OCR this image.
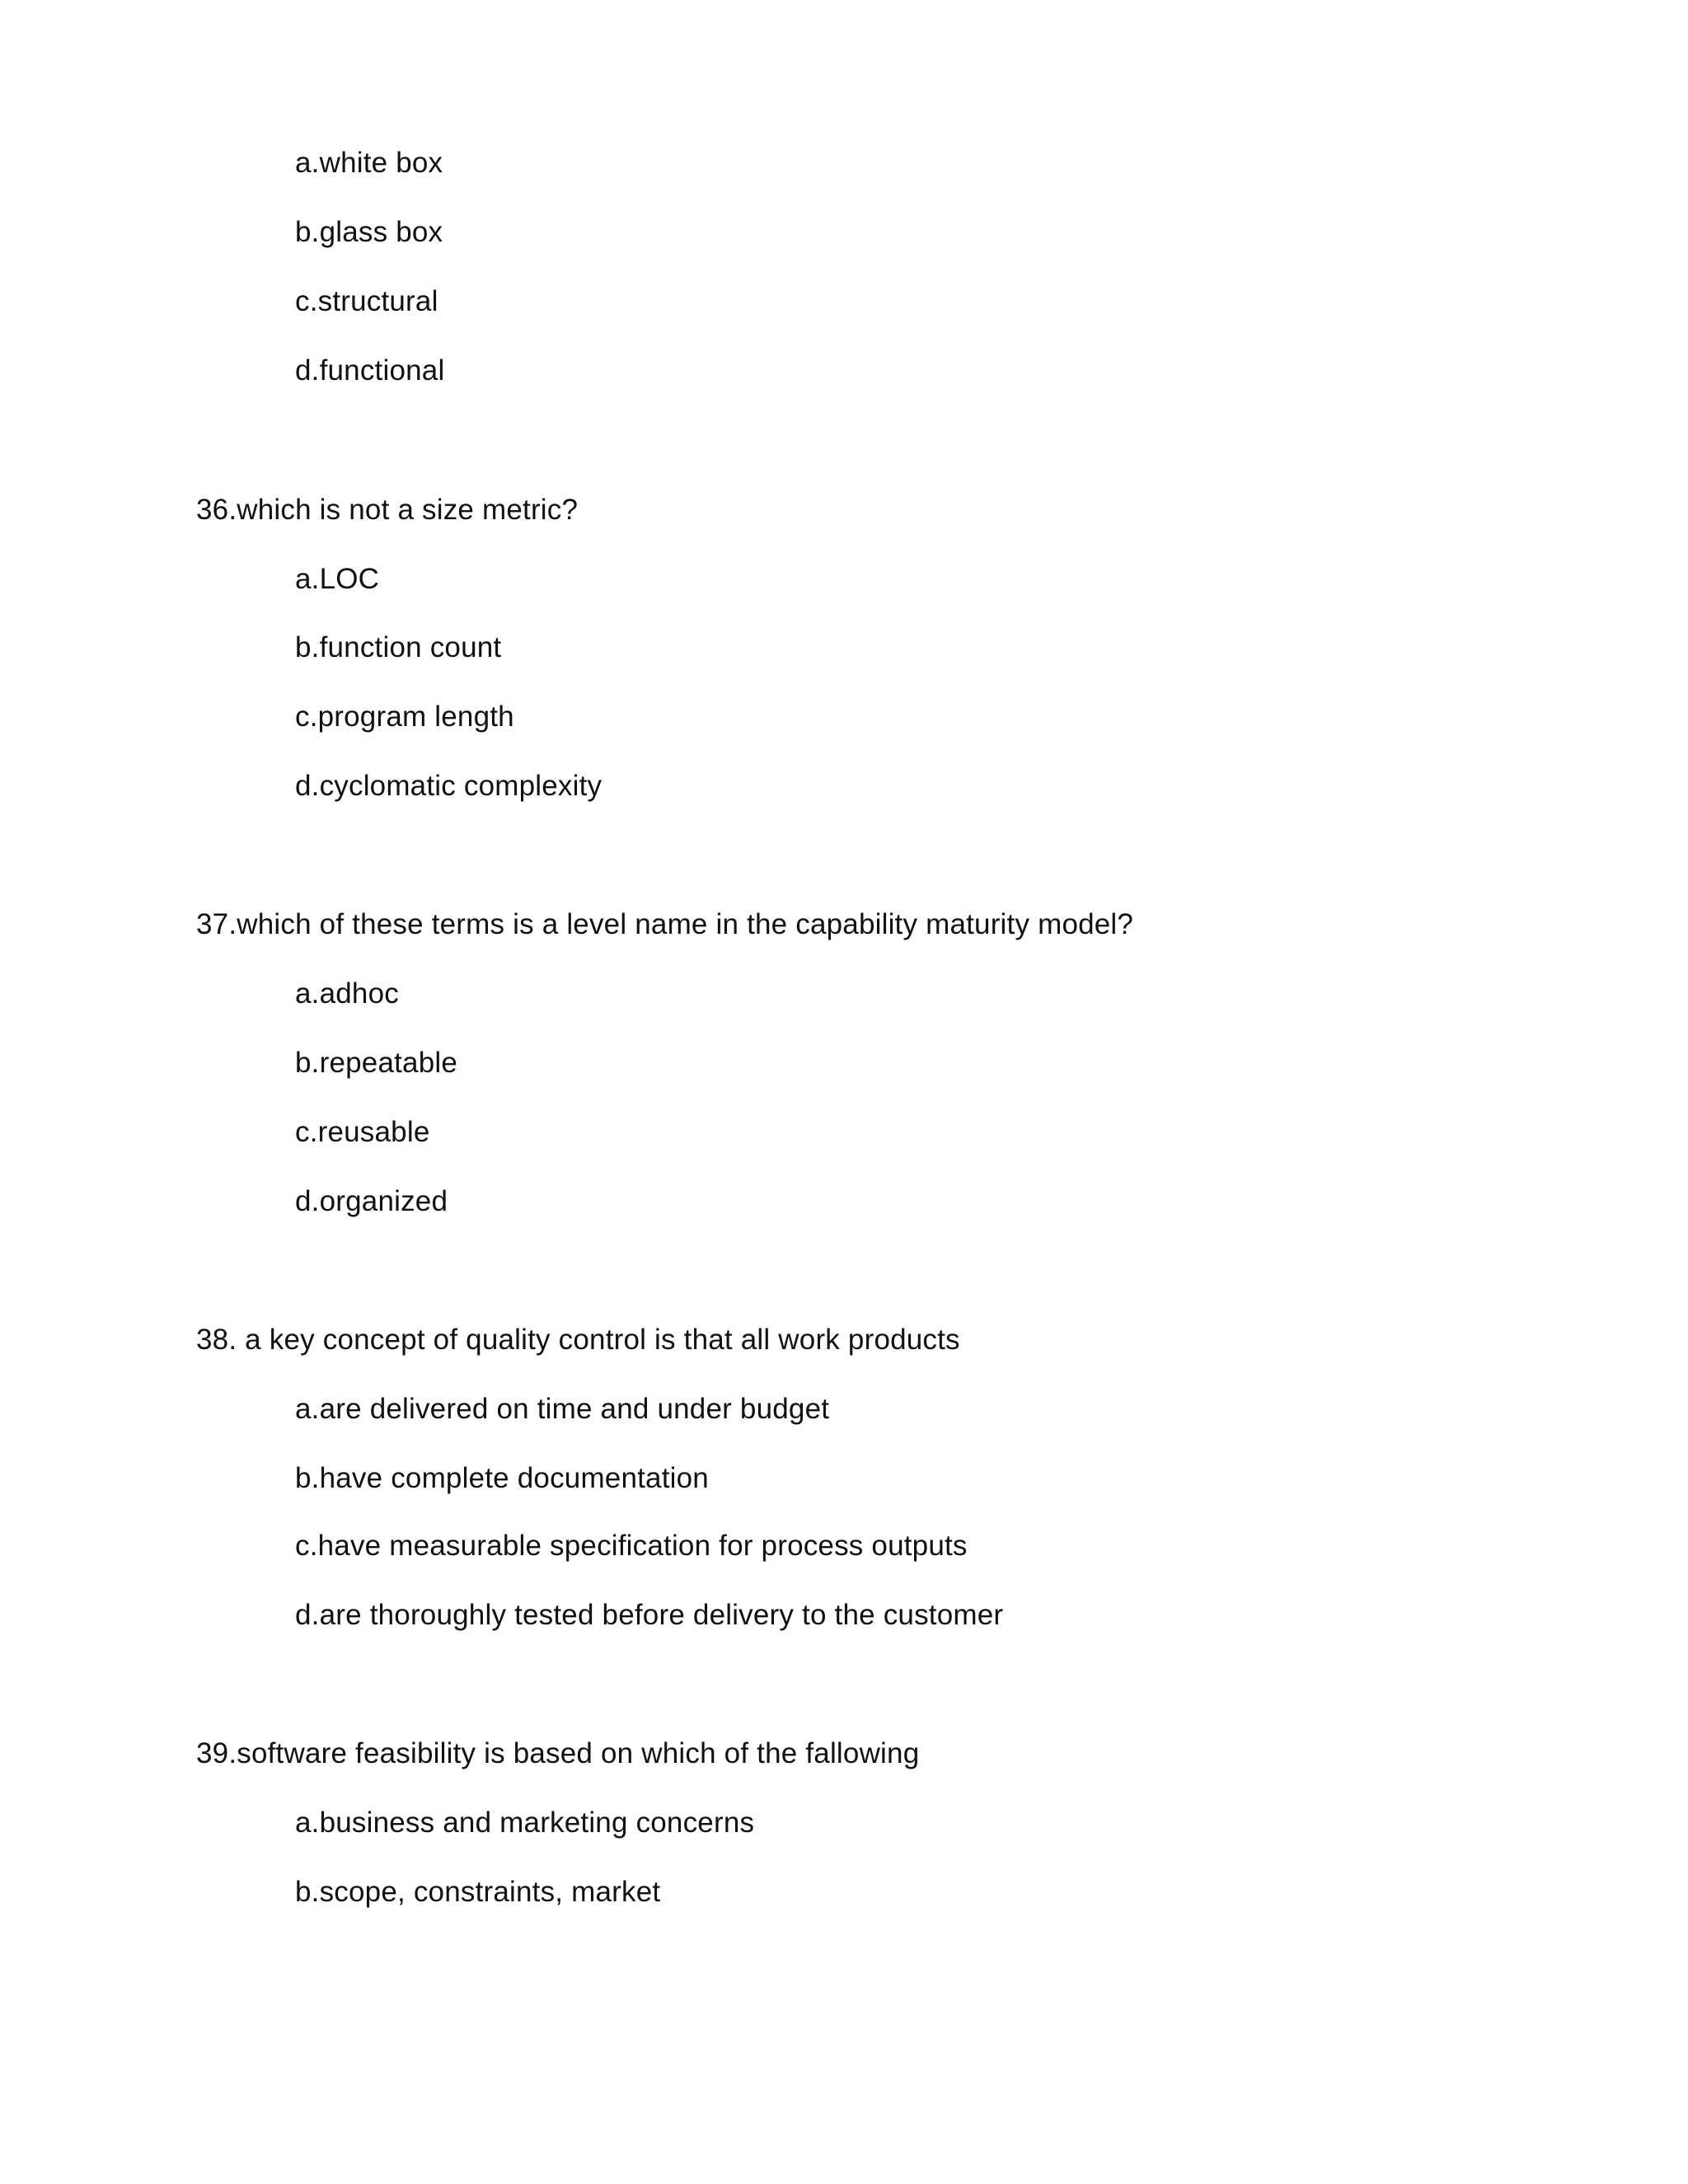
a.white box
b.glass box
c.structural
d.functional
36.which is not a size metric?
a.LOC
b.function count
c.program length
d.cyclomatic complexity
37.which of these terms is a level name in the capability maturity model?
a.adhoc
b.repeatable
c.reusable
d.organized
38. a key concept of quality control is that all work products
a.are delivered on time and under budget
b.have complete documentation
c.have measurable specification for process outputs
d.are thoroughly tested before delivery to the customer
39.software feasibility is based on which of the fallowing
a.business and marketing concerns
b.scope, constraints, market
